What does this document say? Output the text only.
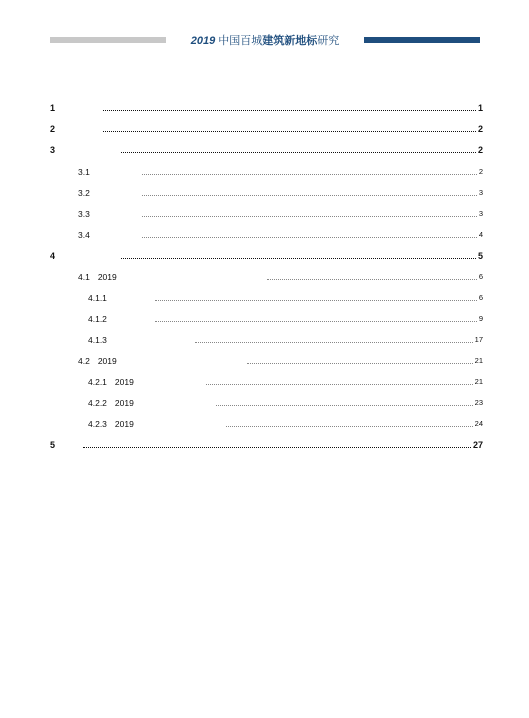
2019 中国百城建筑新地标研究
1	1
2	2
3	2
3.1	2
3.2	3
3.3	3
3.4	4
4	5
4.1 2019	6
4.1.1	6
4.1.2	9
4.1.3	17
4.2 2019	21
4.2.1 2019	21
4.2.2 2019	23
4.2.3 2019	24
5	27
